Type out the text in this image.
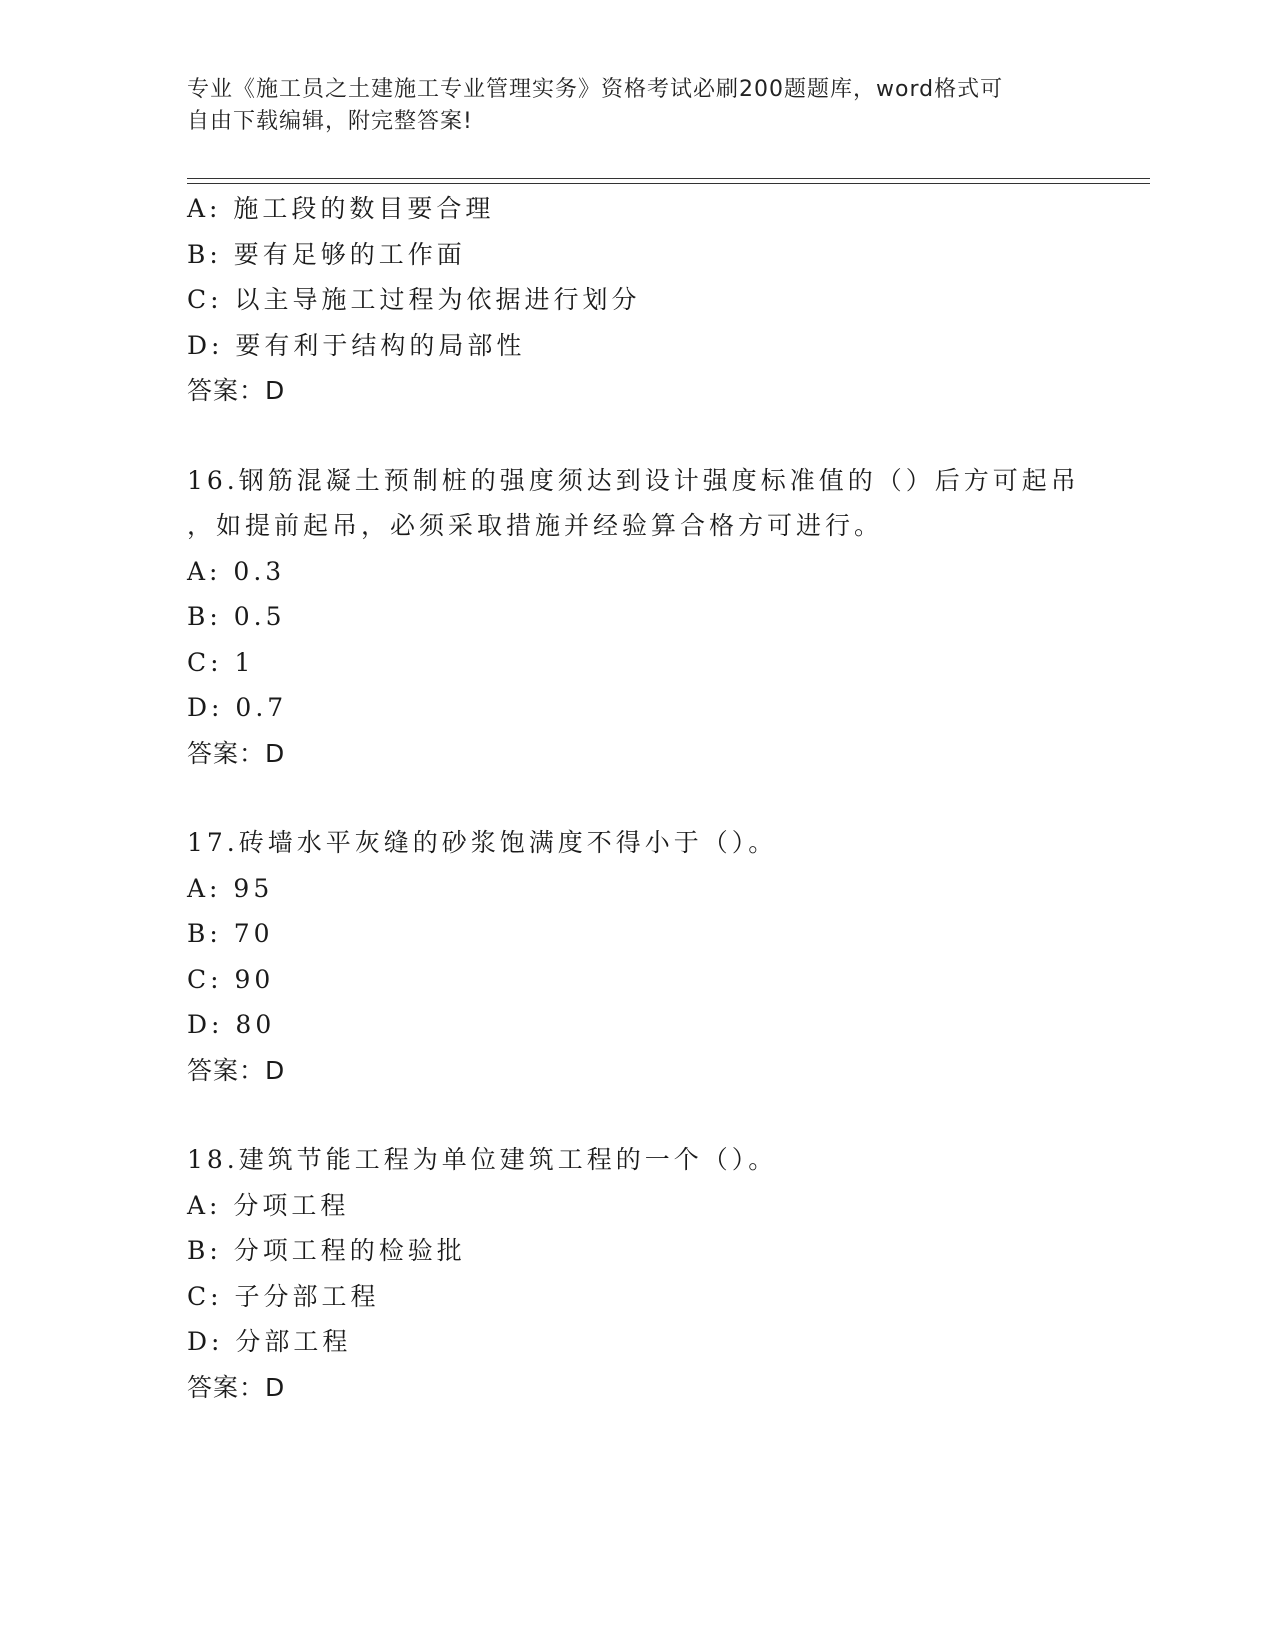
专业《施工员之土建施工专业管理实务》资格考试必刷200题题库，word格式可
自由下载编辑，附完整答案!
A: 施工段的数目要合理
B: 要有足够的工作面
C: 以主导施工过程为依据进行划分
D: 要有利于结构的局部性
答案：D
16.钢筋混凝土预制桩的强度须达到设计强度标准值的（）后方可起吊
，如提前起吊，必须采取措施并经验算合格方可进行。
A: 0.3
B: 0.5
C: 1
D: 0.7
答案：D
17.砖墙水平灰缝的砂浆饱满度不得小于（）。
A: 95
B: 70
C: 90
D: 80
答案：D
18.建筑节能工程为单位建筑工程的一个（）。
A: 分项工程
B: 分项工程的检验批
C: 子分部工程
D: 分部工程
答案：D
